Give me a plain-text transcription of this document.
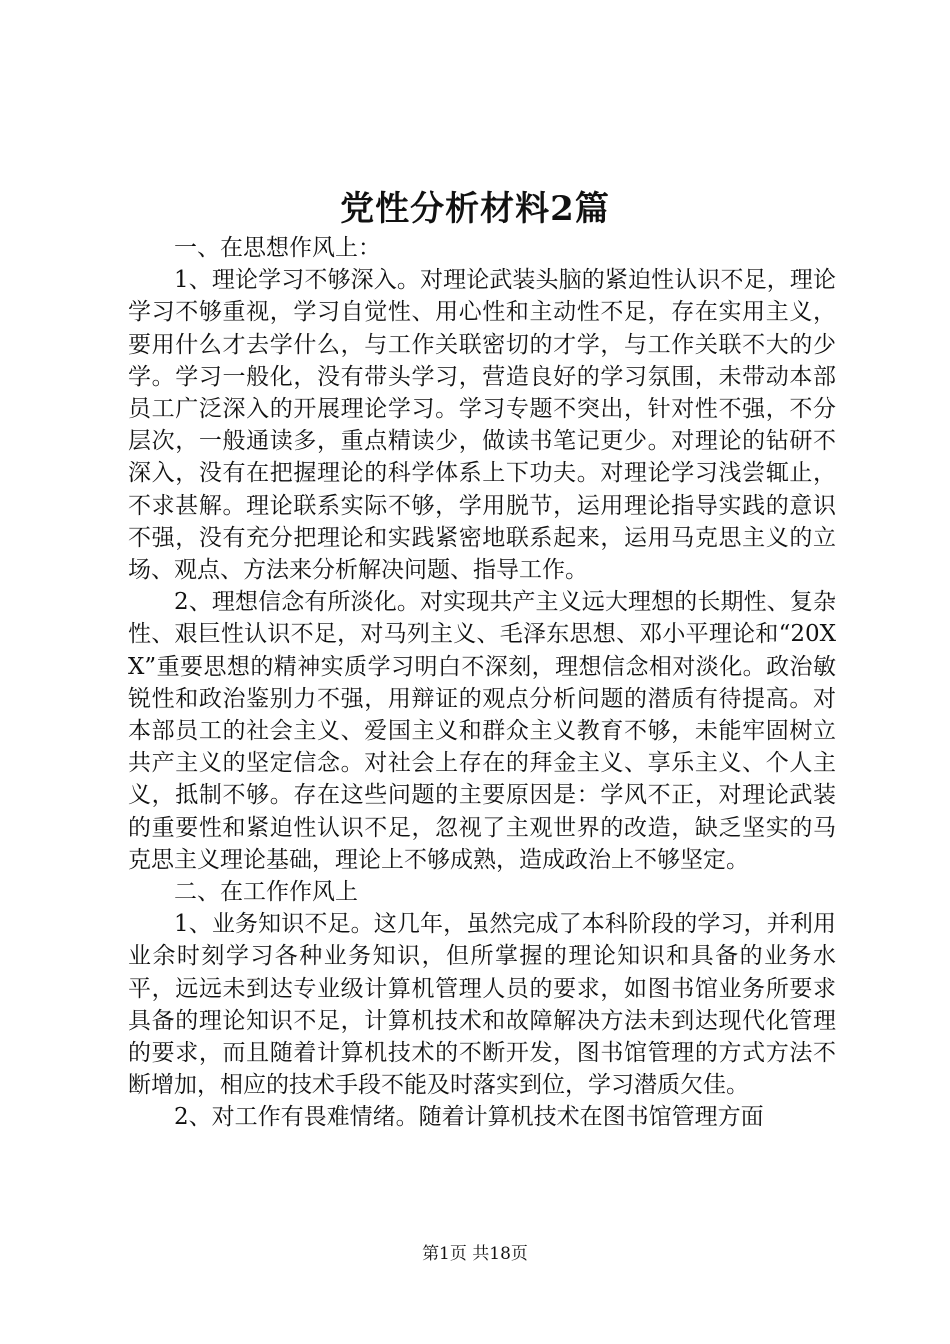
党性分析材料2篇

一、在思想作风上：

1、理论学习不够深入。对理论武装头脑的紧迫性认识不足，理论学习不够重视，学习自觉性、用心性和主动性不足，存在实用主义，要用什么才去学什么，与工作关联密切的才学，与工作关联不大的少学。学习一般化，没有带头学习，营造良好的学习氛围，未带动本部员工广泛深入的开展理论学习。学习专题不突出，针对性不强，不分层次，一般通读多，重点精读少，做读书笔记更少。对理论的钻研不深入，没有在把握理论的科学体系上下功夫。对理论学习浅尝辄止，不求甚解。理论联系实际不够，学用脱节，运用理论指导实践的意识不强，没有充分把理论和实践紧密地联系起来，运用马克思主义的立场、观点、方法来分析解决问题、指导工作。

2、理想信念有所淡化。对实现共产主义远大理想的长期性、复杂性、艰巨性认识不足，对马列主义、毛泽东思想、邓小平理论和“20XX”重要思想的精神实质学习明白不深刻，理想信念相对淡化。政治敏锐性和政治鉴别力不强，用辩证的观点分析问题的潜质有待提高。对本部员工的社会主义、爱国主义和群众主义教育不够，未能牢固树立共产主义的坚定信念。对社会上存在的拜金主义、享乐主义、个人主义，抵制不够。存在这些问题的主要原因是：学风不正，对理论武装的重要性和紧迫性认识不足，忽视了主观世界的改造，缺乏坚实的马克思主义理论基础，理论上不够成熟，造成政治上不够坚定。

二、在工作作风上

1、业务知识不足。这几年，虽然完成了本科阶段的学习，并利用业余时刻学习各种业务知识，但所掌握的理论知识和具备的业务水平，远远未到达专业级计算机管理人员的要求，如图书馆业务所要求具备的理论知识不足，计算机技术和故障解决方法未到达现代化管理的要求，而且随着计算机技术的不断开发，图书馆管理的方式方法不断增加，相应的技术手段不能及时落实到位，学习潜质欠佳。

2、对工作有畏难情绪。随着计算机技术在图书馆管理方面

第1页 共18页
